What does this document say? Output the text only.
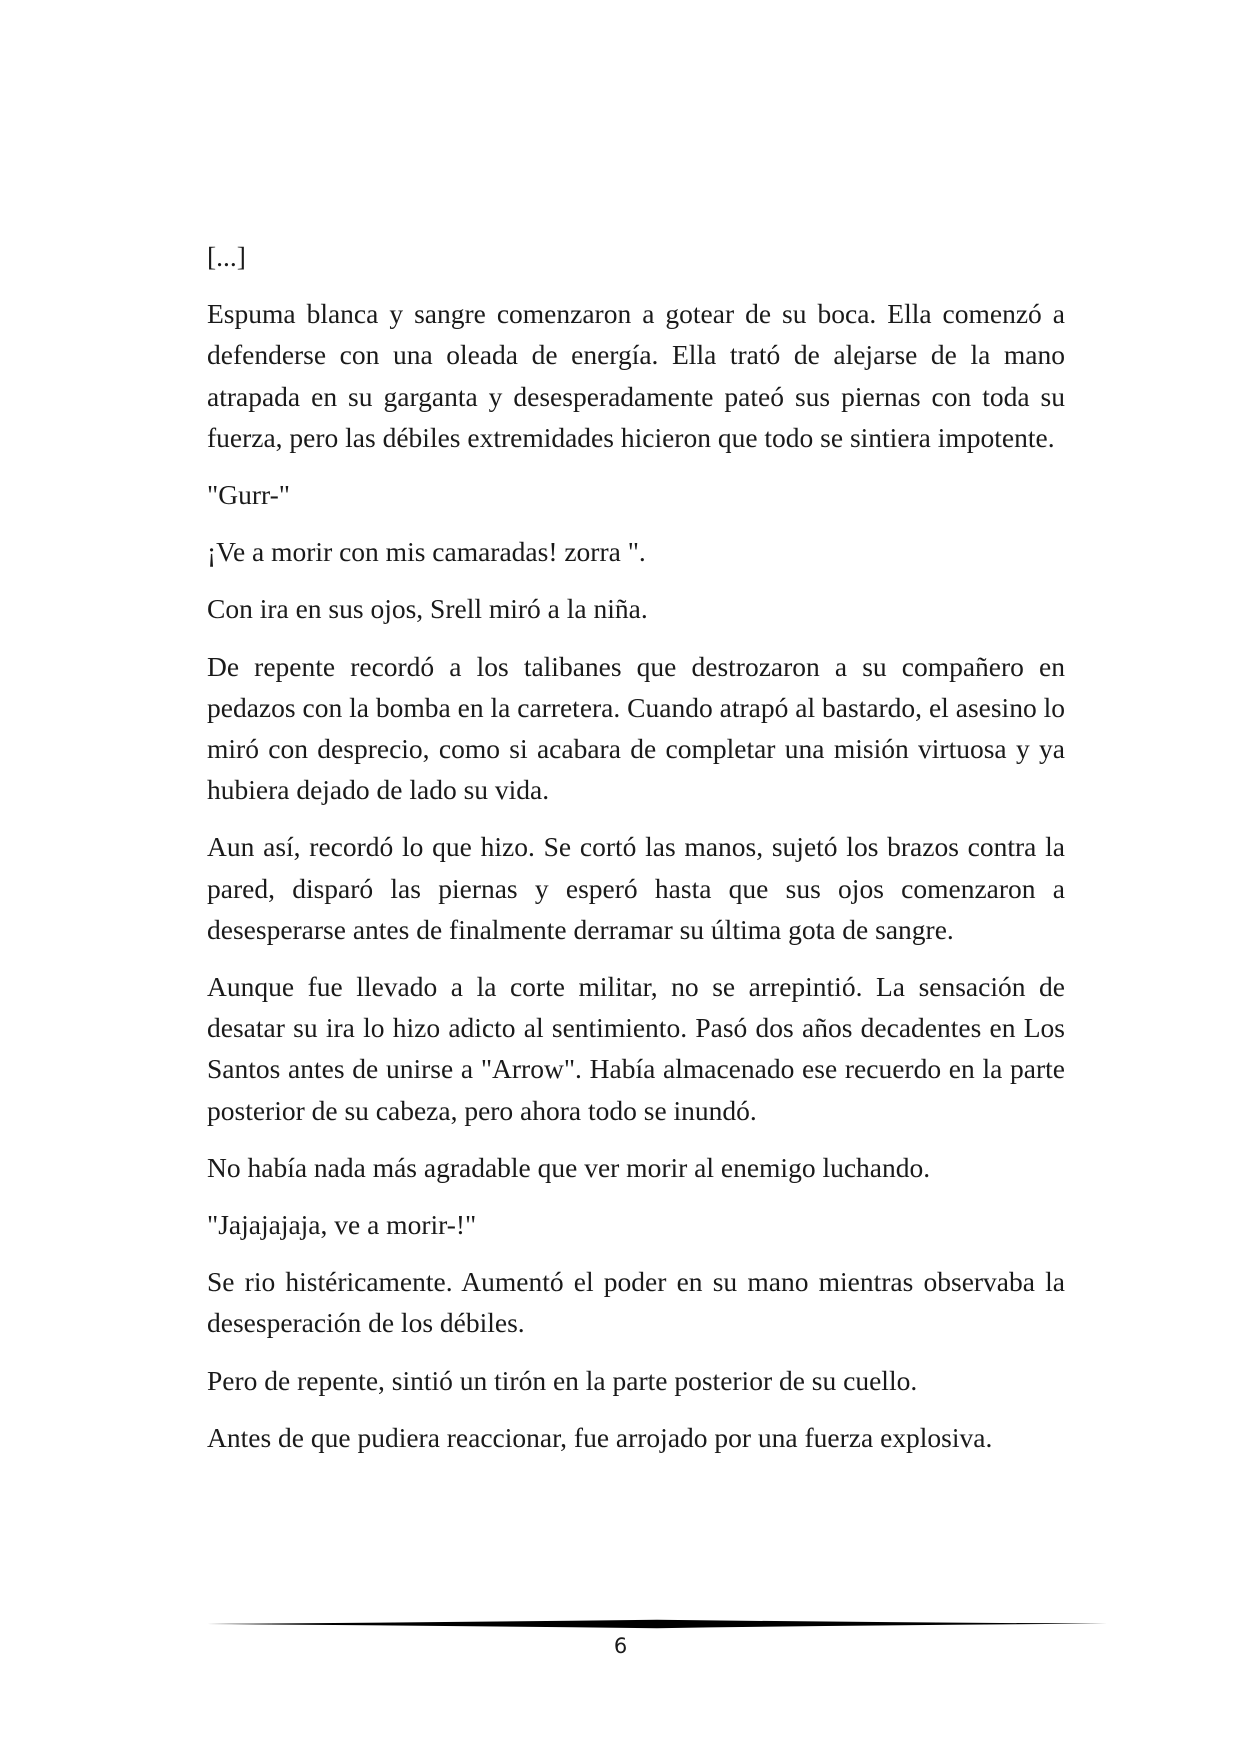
[...]

Espuma blanca y sangre comenzaron a gotear de su boca. Ella comenzó a defenderse con una oleada de energía. Ella trató de alejarse de la mano atrapada en su garganta y desesperadamente pateó sus piernas con toda su fuerza, pero las débiles extremidades hicieron que todo se sintiera impotente.

"Gurr-"

¡Ve a morir con mis camaradas! zorra ".

Con ira en sus ojos, Srell miró a la niña.

De repente recordó a los talibanes que destrozaron a su compañero en pedazos con la bomba en la carretera. Cuando atrapó al bastardo, el asesino lo miró con desprecio, como si acabara de completar una misión virtuosa y ya hubiera dejado de lado su vida.

Aun así, recordó lo que hizo. Se cortó las manos, sujetó los brazos contra la pared, disparó las piernas y esperó hasta que sus ojos comenzaron a desesperarse antes de finalmente derramar su última gota de sangre.

Aunque fue llevado a la corte militar, no se arrepintió. La sensación de desatar su ira lo hizo adicto al sentimiento. Pasó dos años decadentes en Los Santos antes de unirse a "Arrow". Había almacenado ese recuerdo en la parte posterior de su cabeza, pero ahora todo se inundó.

No había nada más agradable que ver morir al enemigo luchando.

"Jajajajaja, ve a morir-!"

Se rio histéricamente. Aumentó el poder en su mano mientras observaba la desesperación de los débiles.

Pero de repente, sintió un tirón en la parte posterior de su cuello.

Antes de que pudiera reaccionar, fue arrojado por una fuerza explosiva.

6
